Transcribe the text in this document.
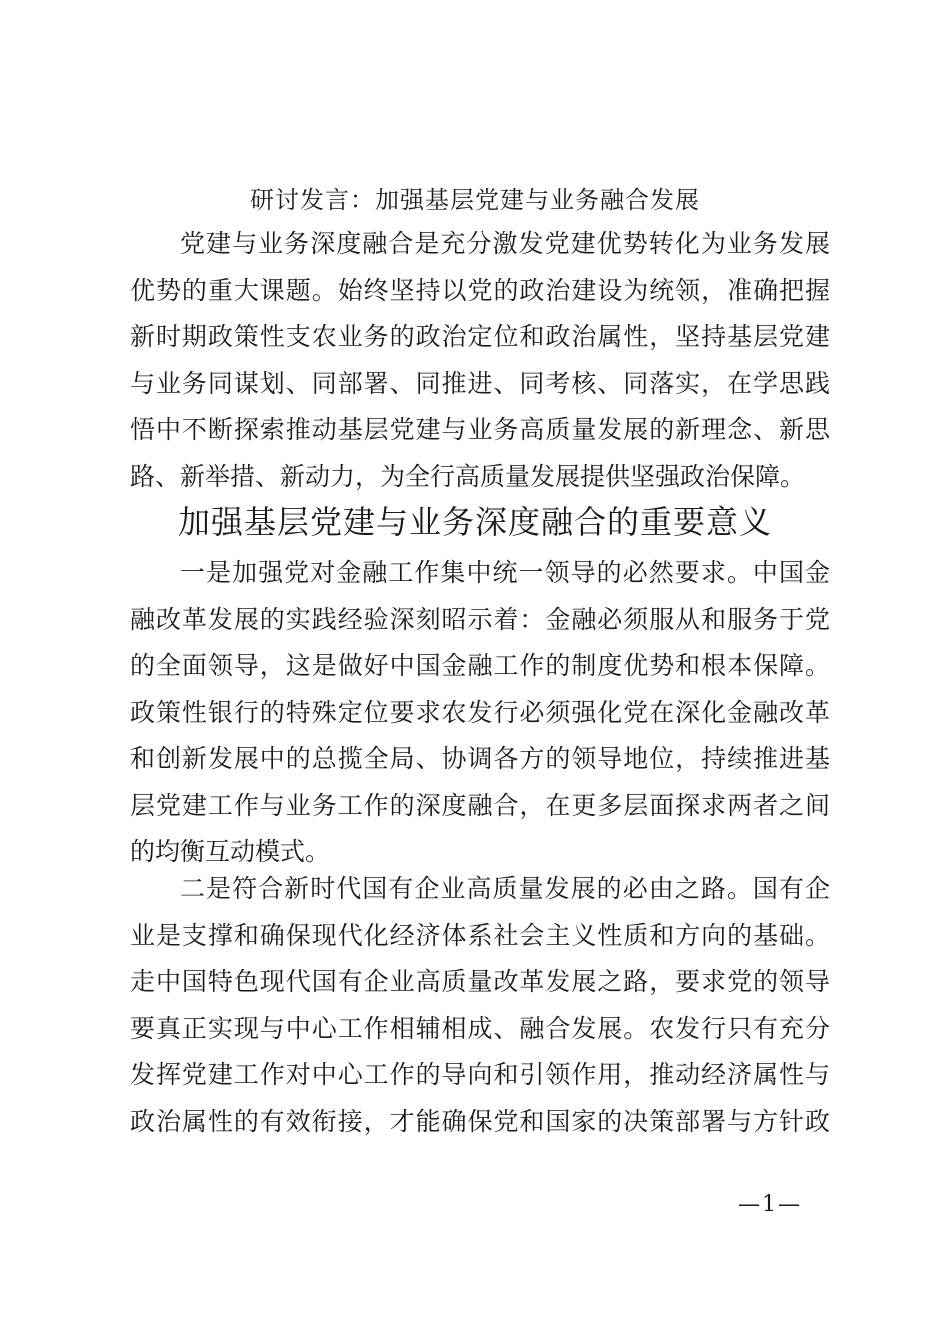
研讨发言：加强基层党建与业务融合发展
党建与业务深度融合是充分激发党建优势转化为业务发展
优势的重大课题。始终坚持以党的政治建设为统领，准确把握
新时期政策性支农业务的政治定位和政治属性，坚持基层党建
与业务同谋划、同部署、同推进、同考核、同落实，在学思践
悟中不断探索推动基层党建与业务高质量发展的新理念、新思
路、新举措、新动力，为全行高质量发展提供坚强政治保障。
加强基层党建与业务深度融合的重要意义
一是加强党对金融工作集中统一领导的必然要求。中国金
融改革发展的实践经验深刻昭示着：金融必须服从和服务于党
的全面领导，这是做好中国金融工作的制度优势和根本保障。
政策性银行的特殊定位要求农发行必须强化党在深化金融改革
和创新发展中的总揽全局、协调各方的领导地位，持续推进基
层党建工作与业务工作的深度融合，在更多层面探求两者之间
的均衡互动模式。
二是符合新时代国有企业高质量发展的必由之路。国有企
业是支撑和确保现代化经济体系社会主义性质和方向的基础。
走中国特色现代国有企业高质量改革发展之路，要求党的领导
要真正实现与中心工作相辅相成、融合发展。农发行只有充分
发挥党建工作对中心工作的导向和引领作用，推动经济属性与
政治属性的有效衔接，才能确保党和国家的决策部署与方针政
—1—
